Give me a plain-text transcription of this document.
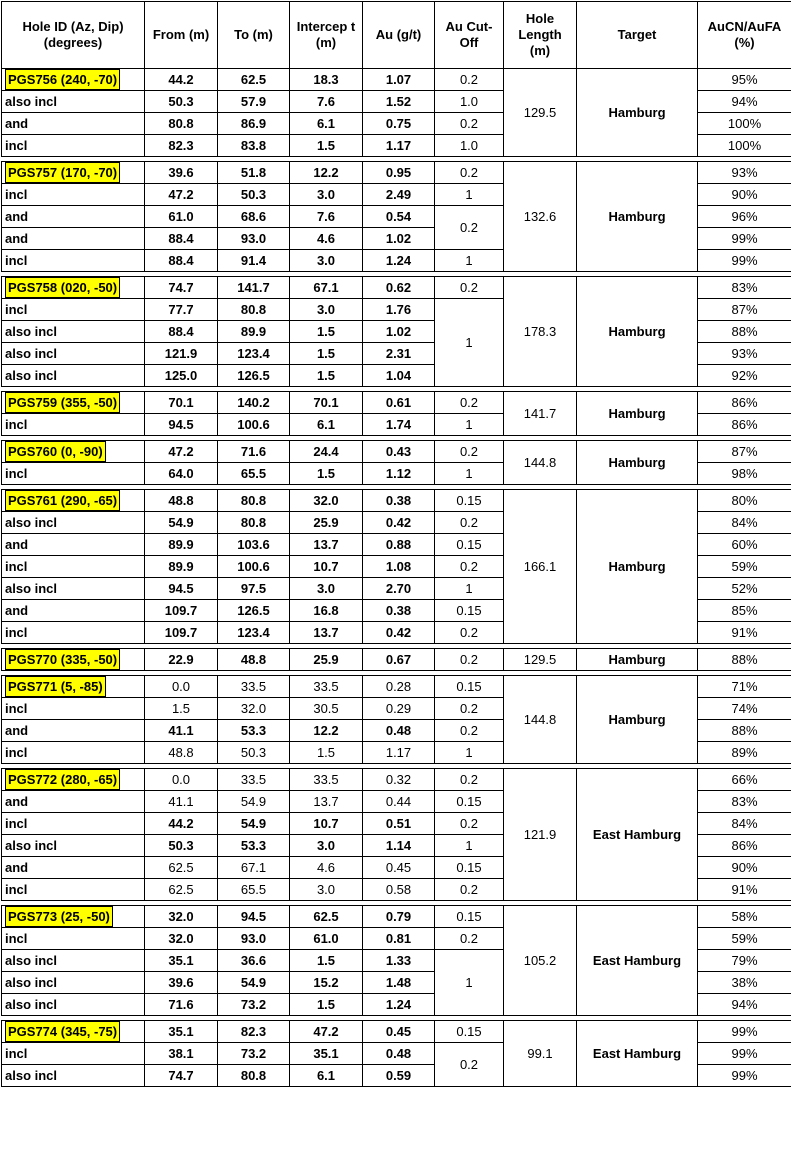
Hole ID (Az, Dip) (degrees)	From (m)	To (m)	Intercep t (m)	Au (g/t)	Au Cut-Off	Hole Length (m)	Target	AuCN/AuFA (%)
PGS756 (240, -70)	44.2	62.5	18.3	1.07	0.2	129.5	Hamburg	95%
also incl	50.3	57.9	7.6	1.52	1.0			94%
and	80.8	86.9	6.1	0.75	0.2			100%
incl	82.3	83.8	1.5	1.17	1.0			100%

PGS757 (170, -70)	39.6	51.8	12.2	0.95	0.2	132.6	Hamburg	93%
incl	47.2	50.3	3.0	2.49	1			90%
and	61.0	68.6	7.6	0.54	0.2			96%
and	88.4	93.0	4.6	1.02				99%
incl	88.4	91.4	3.0	1.24	1			99%

PGS758 (020, -50)	74.7	141.7	67.1	0.62	0.2	178.3	Hamburg	83%
incl	77.7	80.8	3.0	1.76	1			87%
also incl	88.4	89.9	1.5	1.02				88%
also incl	121.9	123.4	1.5	2.31				93%
also incl	125.0	126.5	1.5	1.04				92%

PGS759 (355, -50)	70.1	140.2	70.1	0.61	0.2	141.7	Hamburg	86%
incl	94.5	100.6	6.1	1.74	1			86%

PGS760 (0, -90)	47.2	71.6	24.4	0.43	0.2	144.8	Hamburg	87%
incl	64.0	65.5	1.5	1.12	1			98%

PGS761 (290, -65)	48.8	80.8	32.0	0.38	0.15	166.1	Hamburg	80%
also incl	54.9	80.8	25.9	0.42	0.2			84%
and	89.9	103.6	13.7	0.88	0.15			60%
incl	89.9	100.6	10.7	1.08	0.2			59%
also incl	94.5	97.5	3.0	2.70	1			52%
and	109.7	126.5	16.8	0.38	0.15			85%
incl	109.7	123.4	13.7	0.42	0.2			91%

PGS770 (335, -50)	22.9	48.8	25.9	0.67	0.2	129.5	Hamburg	88%

PGS771 (5, -85)	0.0	33.5	33.5	0.28	0.15	144.8	Hamburg	71%
incl	1.5	32.0	30.5	0.29	0.2			74%
and	41.1	53.3	12.2	0.48	0.2			88%
incl	48.8	50.3	1.5	1.17	1			89%

PGS772 (280, -65)	0.0	33.5	33.5	0.32	0.2	121.9	East Hamburg	66%
and	41.1	54.9	13.7	0.44	0.15			83%
incl	44.2	54.9	10.7	0.51	0.2			84%
also incl	50.3	53.3	3.0	1.14	1			86%
and	62.5	67.1	4.6	0.45	0.15			90%
incl	62.5	65.5	3.0	0.58	0.2			91%

PGS773 (25, -50)	32.0	94.5	62.5	0.79	0.15	105.2	East Hamburg	58%
incl	32.0	93.0	61.0	0.81	0.2			59%
also incl	35.1	36.6	1.5	1.33	1			79%
also incl	39.6	54.9	15.2	1.48				38%
also incl	71.6	73.2	1.5	1.24				94%

PGS774 (345, -75)	35.1	82.3	47.2	0.45	0.15	99.1	East Hamburg	99%
incl	38.1	73.2	35.1	0.48	0.2			99%
also incl	74.7	80.8	6.1	0.59				99%
